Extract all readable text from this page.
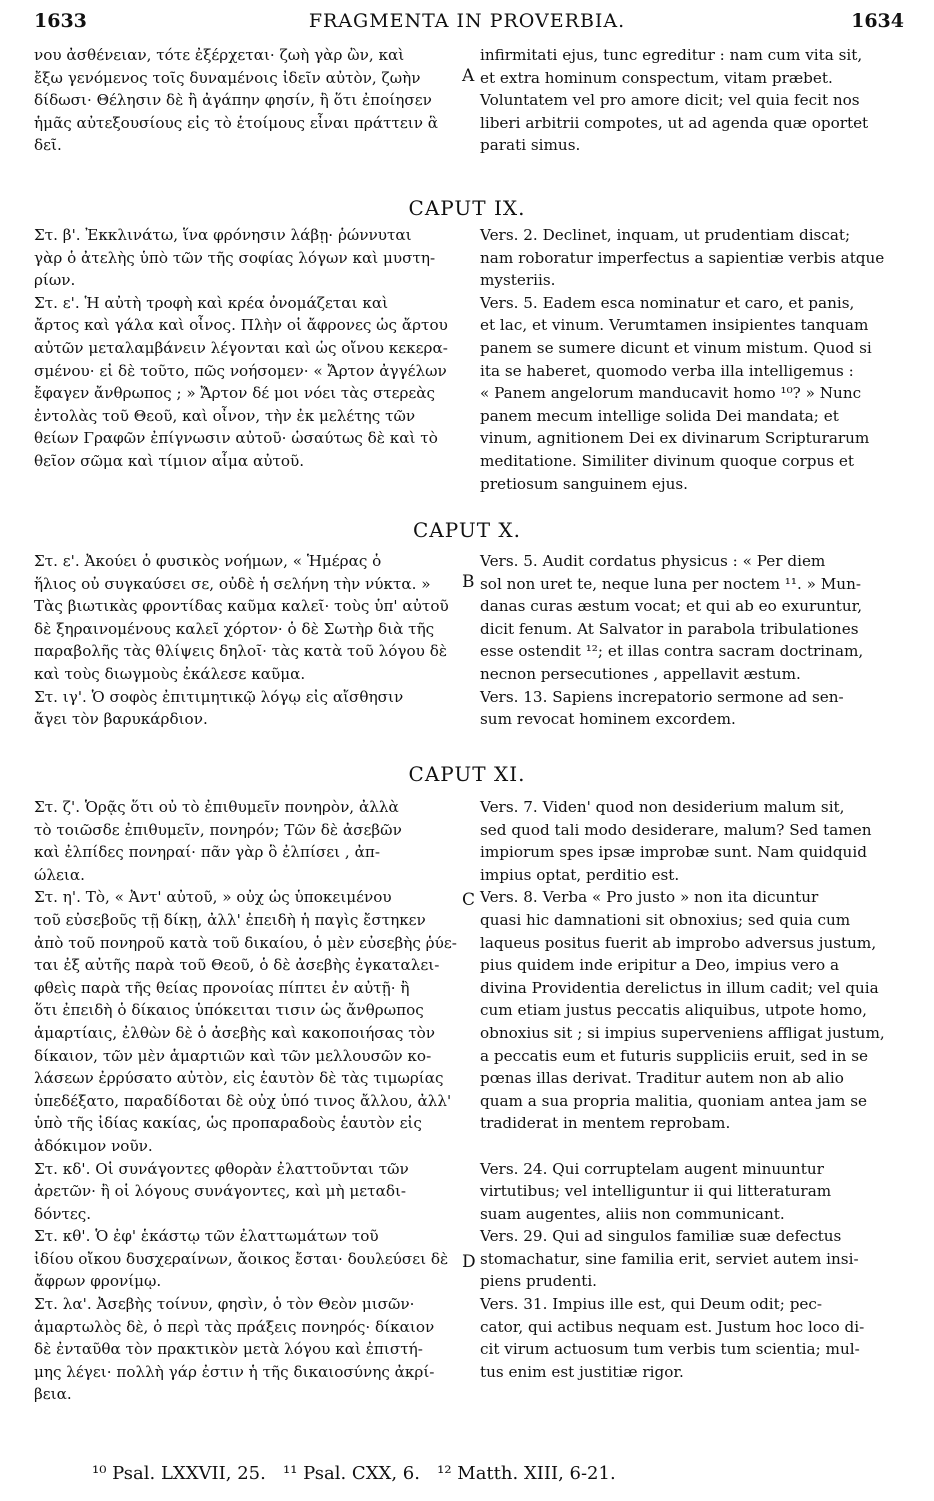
1633	FRAGMENTA IN PROVERBIA.	1634

νου ἀσθένειαν, τότε ἐξέρχεται· ζωὴ γὰρ ὢν, καὶ
ἔξω γενόμενος τοῖς δυναμένοις ἰδεῖν αὐτὸν, ζωὴν
δίδωσι· Θέλησιν δὲ ἢ ἀγάπην φησίν, ἢ ὅτι ἐποίησεν
ἡμᾶς αὐτεξουσίους εἰς τὸ ἑτοίμους εἶναι πράττειν ἃ
δεῖ.

infirmitati ejus, tunc egreditur : nam cum vita sit,
et extra hominum conspectum, vitam præbet.
Voluntatem vel pro amore dicit; vel quia fecit nos
liberi arbitrii compotes, ut ad agenda quæ oportet
parati simus.

CAPUT IX.

Στ. β'. Ἐκκλινάτω, ἵνα φρόνησιν λάβῃ· ῥώννυται
γὰρ ὁ ἀτελὴς ὑπὸ τῶν τῆς σοφίας λόγων καὶ μυστη-
ρίων.
Στ. ε'. Ἡ αὐτὴ τροφὴ καὶ κρέα ὀνομάζεται καὶ
ἄρτος καὶ γάλα καὶ οἶνος. Πλὴν οἱ ἄφρονες ὡς ἄρτου
αὐτῶν μεταλαμβάνειν λέγονται καὶ ὡς οἴνου κεκερα-
σμένου· εἰ δὲ τοῦτο, πῶς νοήσομεν· « Ἄρτον ἀγγέλων
ἔφαγεν ἄνθρωπος ; » Ἄρτον δέ μοι νόει τὰς στερεὰς
ἐντολὰς τοῦ Θεοῦ, καὶ οἶνον, τὴν ἐκ μελέτης τῶν
θείων Γραφῶν ἐπίγνωσιν αὐτοῦ· ὡσαύτως δὲ καὶ τὸ
θεῖον σῶμα καὶ τίμιον αἷμα αὐτοῦ.

Vers. 2. Declinet, inquam, ut prudentiam discat;
nam roboratur imperfectus a sapientiæ verbis atque
mysteriis.
Vers. 5. Eadem esca nominatur et caro, et panis,
et lac, et vinum. Verumtamen insipientes tanquam
panem se sumere dicunt et vinum mistum. Quod si
ita se haberet, quomodo verba illa intelligemus :
« Panem angelorum manducavit homo ¹⁰? » Nunc
panem mecum intellige solida Dei mandata; et
vinum, agnitionem Dei ex divinarum Scripturarum
meditatione. Similiter divinum quoque corpus et
pretiosum sanguinem ejus.

CAPUT X.

Στ. ε'. Ἀκούει ὁ φυσικὸς νοήμων, « Ἡμέρας ὁ
ἥλιος οὐ συγκαύσει σε, οὐδὲ ἡ σελήνη τὴν νύκτα. »
Τὰς βιωτικὰς φροντίδας καῦμα καλεῖ· τοὺς ὑπ' αὐτοῦ
δὲ ξηραινομένους καλεῖ χόρτον· ὁ δὲ Σωτὴρ διὰ τῆς
παραβολῆς τὰς θλίψεις δηλοῖ· τὰς κατὰ τοῦ λόγου δὲ
καὶ τοὺς διωγμοὺς ἐκάλεσε καῦμα.
Στ. ιγ'. Ὁ σοφὸς ἐπιτιμητικῷ λόγῳ εἰς αἴσθησιν
ἄγει τὸν βαρυκάρδιον.

Vers. 5. Audit cordatus physicus : « Per diem
sol non uret te, neque luna per noctem ¹¹. » Mun-
danas curas æstum vocat; et qui ab eo exuruntur,
dicit fenum. At Salvator in parabola tribulationes
esse ostendit ¹²; et illas contra sacram doctrinam,
necnon persecutiones , appellavit æstum.
Vers. 13. Sapiens increpatorio sermone ad sen-
sum revocat hominem excordem.

CAPUT XI.

Στ. ζ'. Ὁρᾷς ὅτι οὐ τὸ ἐπιθυμεῖν πονηρὸν, ἀλλὰ
τὸ τοιῶσδε ἐπιθυμεῖν, πονηρόν; Τῶν δὲ ἀσεβῶν
καὶ ἐλπίδες πονηραί· πᾶν γὰρ ὃ ἐλπίσει , ἀπ-
ώλεια.
Στ. η'. Τὸ, « Ἀντ' αὐτοῦ, » οὐχ ὡς ὑποκειμένου
τοῦ εὐσεβοῦς τῇ δίκῃ, ἀλλ' ἐπειδὴ ἡ παγὶς ἔστηκεν
ἀπὸ τοῦ πονηροῦ κατὰ τοῦ δικαίου, ὁ μὲν εὐσεβὴς ῥύε-
ται ἐξ αὐτῆς παρὰ τοῦ Θεοῦ, ὁ δὲ ἀσεβὴς ἐγκαταλει-
φθεὶς παρὰ τῆς θείας προνοίας πίπτει ἐν αὐτῇ· ἢ
ὅτι ἐπειδὴ ὁ δίκαιος ὑπόκειται τισιν ὡς ἄνθρωπος
ἁμαρτίαις, ἐλθὼν δὲ ὁ ἀσεβὴς καὶ κακοποιήσας τὸν
δίκαιον, τῶν μὲν ἁμαρτιῶν καὶ τῶν μελλουσῶν κο-
λάσεων ἐρρύσατο αὐτὸν, εἰς ἑαυτὸν δὲ τὰς τιμωρίας
ὑπεδέξατο, παραδίδοται δὲ οὐχ ὑπό τινος ἄλλου, ἀλλ'
ὑπὸ τῆς ἰδίας κακίας, ὡς προπαραδοὺς ἑαυτὸν εἰς
ἀδόκιμον νοῦν.
Στ. κδ'. Οἱ συνάγοντες φθορὰν ἐλαττοῦνται τῶν
ἀρετῶν· ἢ οἱ λόγους συνάγοντες, καὶ μὴ μεταδι-
δόντες.
Στ. κθ'. Ὁ ἐφ' ἑκάστῳ τῶν ἐλαττωμάτων τοῦ
ἰδίου οἴκου δυσχεραίνων, ἄοικος ἔσται· δουλεύσει δὲ
ἄφρων φρονίμῳ.
Στ. λα'. Ἀσεβὴς τοίνυν, φησὶν, ὁ τὸν Θεὸν μισῶν·
ἁμαρτωλὸς δὲ, ὁ περὶ τὰς πράξεις πονηρός· δίκαιον
δὲ ἐνταῦθα τὸν πρακτικὸν μετὰ λόγου καὶ ἐπιστή-
μης λέγει· πολλὴ γάρ ἐστιν ἡ τῆς δικαιοσύνης ἀκρί-
βεια.

Vers. 7. Viden' quod non desiderium malum sit,
sed quod tali modo desiderare, malum? Sed tamen
impiorum spes ipsæ improbæ sunt. Nam quidquid
impius optat, perditio est.
Vers. 8. Verba « Pro justo » non ita dicuntur
quasi hic damnationi sit obnoxius; sed quia cum
laqueus positus fuerit ab improbo adversus justum,
pius quidem inde eripitur a Deo, impius vero a
divina Providentia derelictus in illum cadit; vel quia
cum etiam justus peccatis aliquibus, utpote homo,
obnoxius sit ; si impius superveniens affligat justum,
a peccatis eum et futuris suppliciis eruit, sed in se
pœnas illas derivat. Traditur autem non ab alio
quam a sua propria malitia, quoniam antea jam se
tradiderat in mentem reprobam.

Vers. 24. Qui corruptelam augent minuuntur
virtutibus; vel intelliguntur ii qui litteraturam
suam augentes, aliis non communicant.
Vers. 29. Qui ad singulos familiæ suæ defectus
stomachatur, sine familia erit, serviet autem insi-
piens prudenti.
Vers. 31. Impius ille est, qui Deum odit; pec-
cator, qui actibus nequam est. Justum hoc loco di-
cit virum actuosum tum verbis tum scientia; mul-
tus enim est justitiæ rigor.

A
B
C
D
¹⁰ Psal. LXXVII, 25.   ¹¹ Psal. CXX, 6.   ¹² Matth. XIII, 6-21.
